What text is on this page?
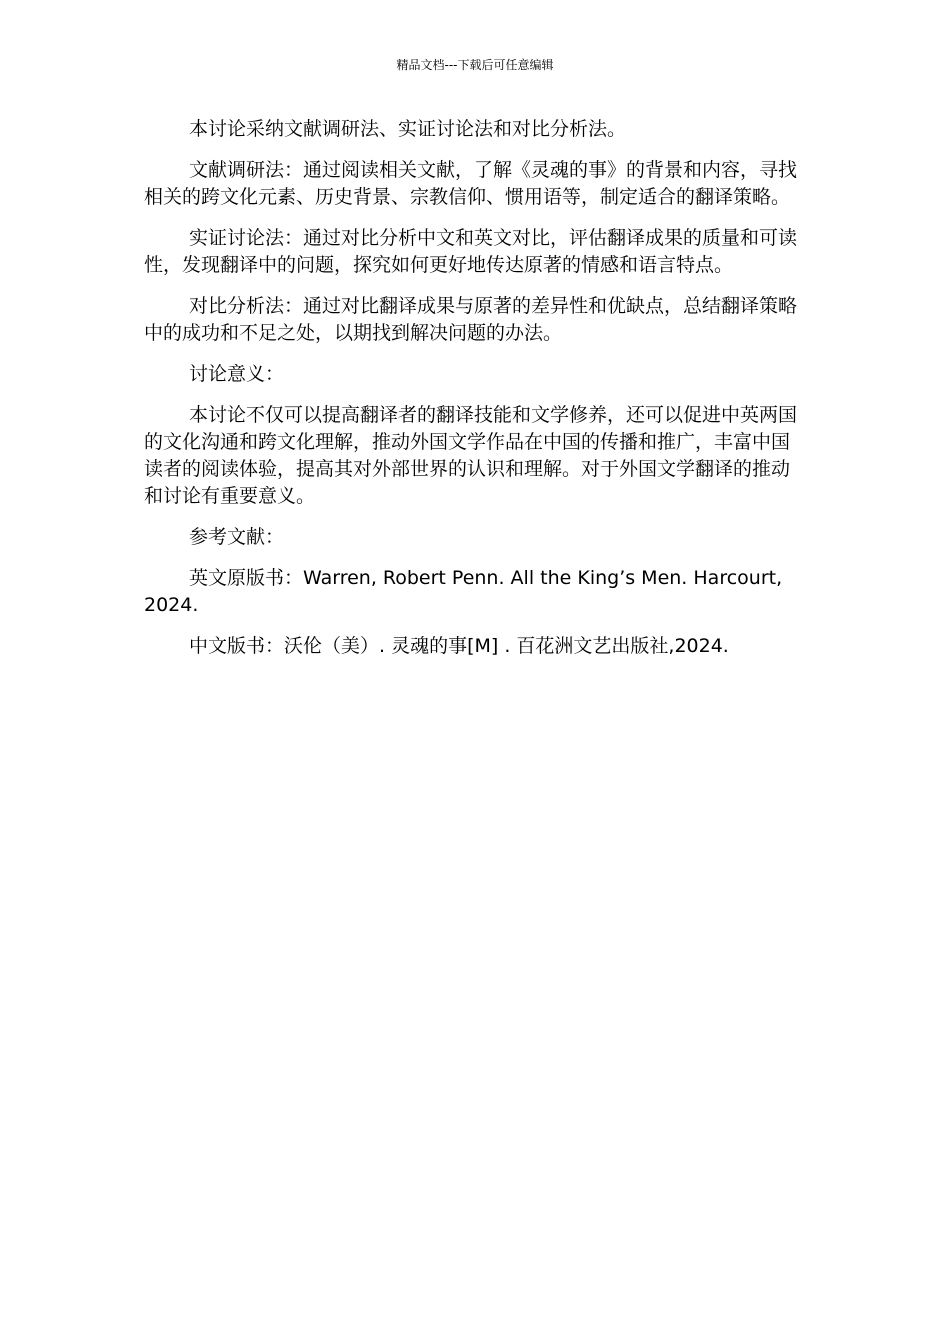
精品文档---下载后可任意编辑

本讨论采纳文献调研法、实证讨论法和对比分析法。

文献调研法：通过阅读相关文献，了解《灵魂的事》的背景和内容，寻找相关的跨文化元素、历史背景、宗教信仰、惯用语等，制定适合的翻译策略。

实证讨论法：通过对比分析中文和英文对比，评估翻译成果的质量和可读性，发现翻译中的问题，探究如何更好地传达原著的情感和语言特点。

对比分析法：通过对比翻译成果与原著的差异性和优缺点，总结翻译策略中的成功和不足之处，以期找到解决问题的办法。

讨论意义：

本讨论不仅可以提高翻译者的翻译技能和文学修养，还可以促进中英两国的文化沟通和跨文化理解，推动外国文学作品在中国的传播和推广，丰富中国读者的阅读体验，提高其对外部世界的认识和理解。对于外国文学翻译的推动和讨论有重要意义。

参考文献：

英文原版书：Warren, Robert Penn. All the King’s Men. Harcourt, 2024.

中文版书：沃伦（美）. 灵魂的事[M] . 百花洲文艺出版社,2024.
